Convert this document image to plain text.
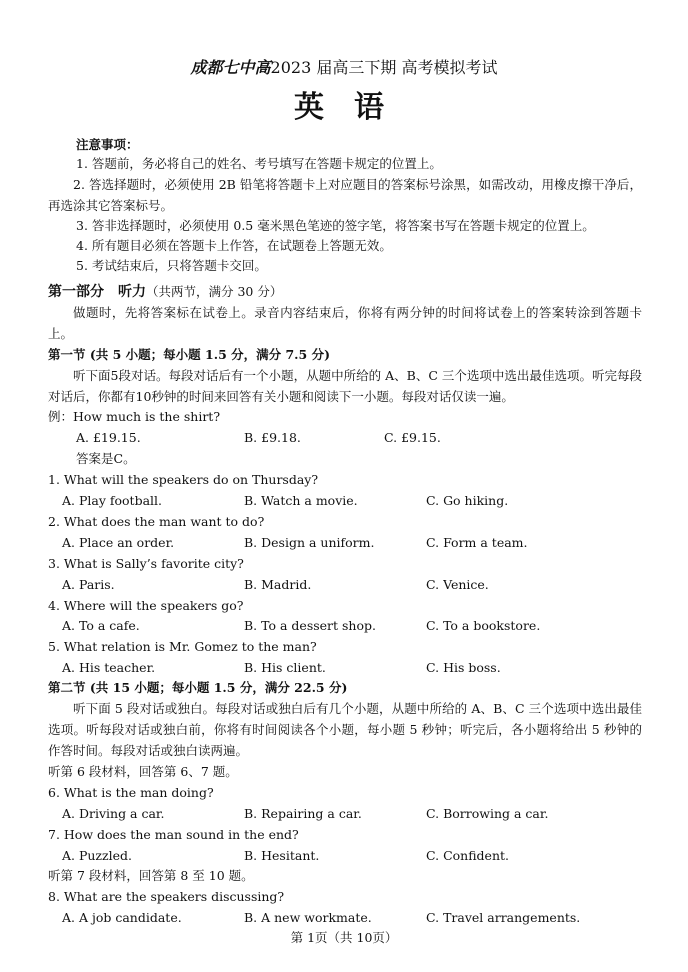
成都七中高2023 届高三下期 高考模拟考试
英语
注意事项：
1. 答题前，务必将自己的姓名、考号填写在答题卡规定的位置上。
2. 答选择题时，必须使用 2B 铅笔将答题卡上对应题目的答案标号涂黑，如需改动，用橡皮擦干净后，再选涂其它答案标号。
3. 答非选择题时，必须使用 0.5 毫米黑色笔迹的签字笔，将答案书写在答题卡规定的位置上。
4. 所有题目必须在答题卡上作答，在试题卷上答题无效。
5. 考试结束后，只将答题卡交回。
第一部分　听力（共两节，满分 30 分）
做题时，先将答案标在试卷上。录音内容结束后，你将有两分钟的时间将试卷上的答案转涂到答题卡上。
第一节 (共 5 小题；每小题 1.5 分，满分 7.5 分)
听下面5段对话。每段对话后有一个小题，从题中所给的 A、B、C 三个选项中选出最佳选项。听完每段对话后，你都有10秒钟的时间来回答有关小题和阅读下一小题。每段对话仅读一遍。
例：How much is the shirt?
A. £19.15.	B. £9.18.	C. £9.15.
答案是C。
1. What will the speakers do on Thursday?
A. Play football.	B. Watch a movie.	C. Go hiking.
2. What does the man want to do?
A. Place an order.	B. Design a uniform.	C. Form a team.
3. What is Sally’s favorite city?
A. Paris.	B. Madrid.	C. Venice.
4. Where will the speakers go?
A. To a cafe.	B. To a dessert shop.	C. To a bookstore.
5. What relation is Mr. Gomez to the man?
A. His teacher.	B. His client.	C. His boss.
第二节 (共 15 小题；每小题 1.5 分，满分 22.5 分)
听下面 5 段对话或独白。每段对话或独白后有几个小题，从题中所给的 A、B、C 三个选项中选出最佳选项。听每段对话或独白前，你将有时间阅读各个小题，每小题 5 秒钟；听完后，各小题将给出 5 秒钟的作答时间。每段对话或独白读两遍。
听第 6 段材料，回答第 6、7 题。
6. What is the man doing?
A. Driving a car.	B. Repairing a car.	C. Borrowing a car.
7. How does the man sound in the end?
A. Puzzled.	B. Hesitant.	C. Confident.
听第 7 段材料，回答第 8 至 10 题。
8. What are the speakers discussing?
A. A job candidate.	B. A new workmate.	C. Travel arrangements.
第 1页（共 10页）
